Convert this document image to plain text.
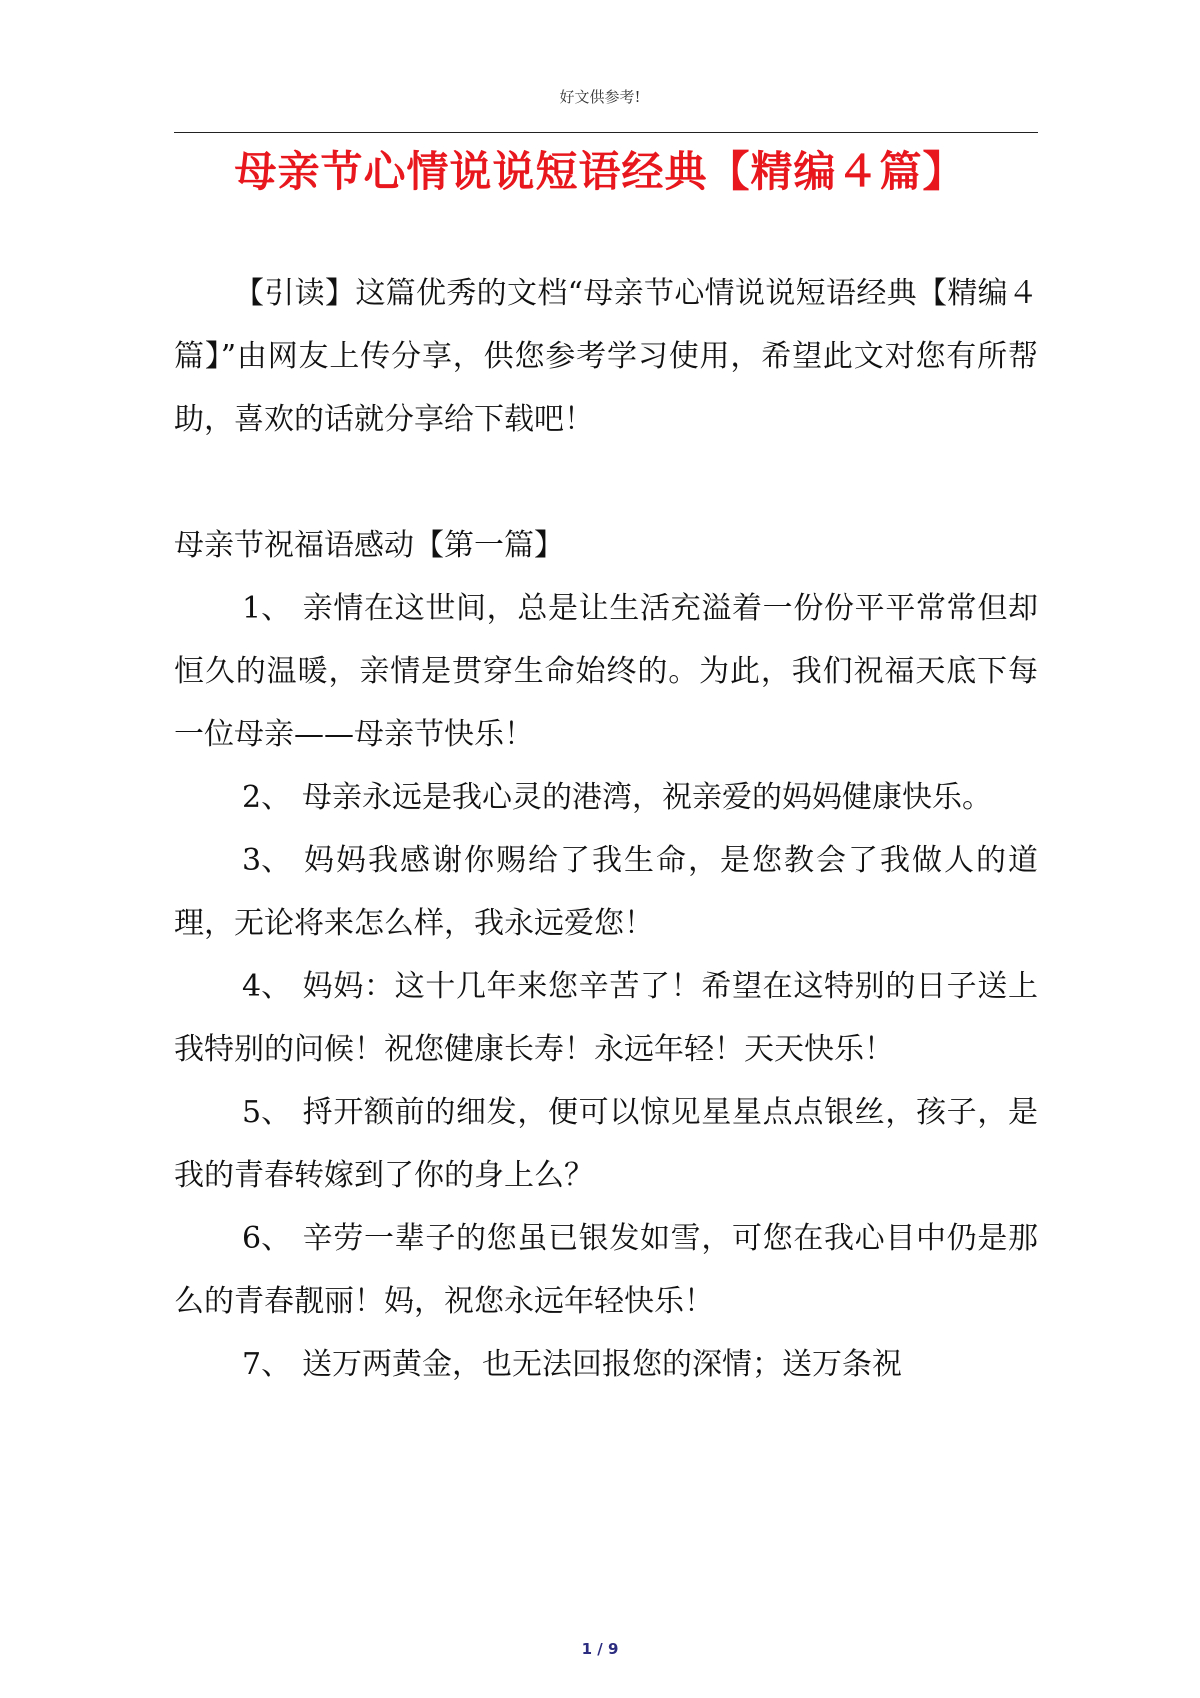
好文供参考!
母亲节心情说说短语经典【精编４篇】

【引读】这篇优秀的文档“母亲节心情说说短语经典【精编４篇】”由网友上传分享，供您参考学习使用，希望此文对您有所帮助，喜欢的话就分享给下载吧！

母亲节祝福语感动【第一篇】

1、 亲情在这世间，总是让生活充溢着一份份平平常常但却恒久的温暖，亲情是贯穿生命始终的。为此，我们祝福天底下每一位母亲——母亲节快乐！

2、 母亲永远是我心灵的港湾，祝亲爱的妈妈健康快乐。

3、 妈妈我感谢你赐给了我生命，是您教会了我做人的道理，无论将来怎么样，我永远爱您！

4、 妈妈：这十几年来您辛苦了！希望在这特别的日子送上我特别的问候！祝您健康长寿！永远年轻！天天快乐！

5、 捋开额前的细发，便可以惊见星星点点银丝，孩子，是我的青春转嫁到了你的身上么？

6、 辛劳一辈子的您虽已银发如雪，可您在我心目中仍是那么的青春靓丽！妈，祝您永远年轻快乐！

7、 送万两黄金，也无法回报您的深情；送万条祝

1 / 9
